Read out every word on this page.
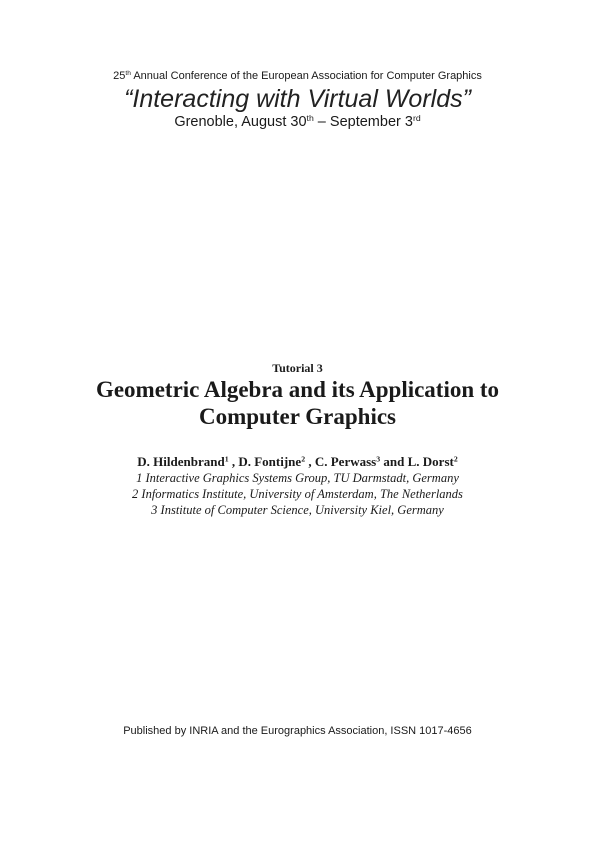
25th Annual Conference of the European Association for Computer Graphics
“Interacting with Virtual Worlds”
Grenoble, August 30th – September 3rd
Tutorial 3
Geometric Algebra and its Application to
Computer Graphics
D. Hildenbrand$^1$ , D. Fontijne$^2$ , C. Perwass$^3$ and L. Dorst$^2$
1 Interactive Graphics Systems Group, TU Darmstadt, Germany
2 Informatics Institute, University of Amsterdam, The Netherlands
3 Institute of Computer Science, University Kiel, Germany
Published by INRIA and the Eurographics Association, ISSN 1017-4656
